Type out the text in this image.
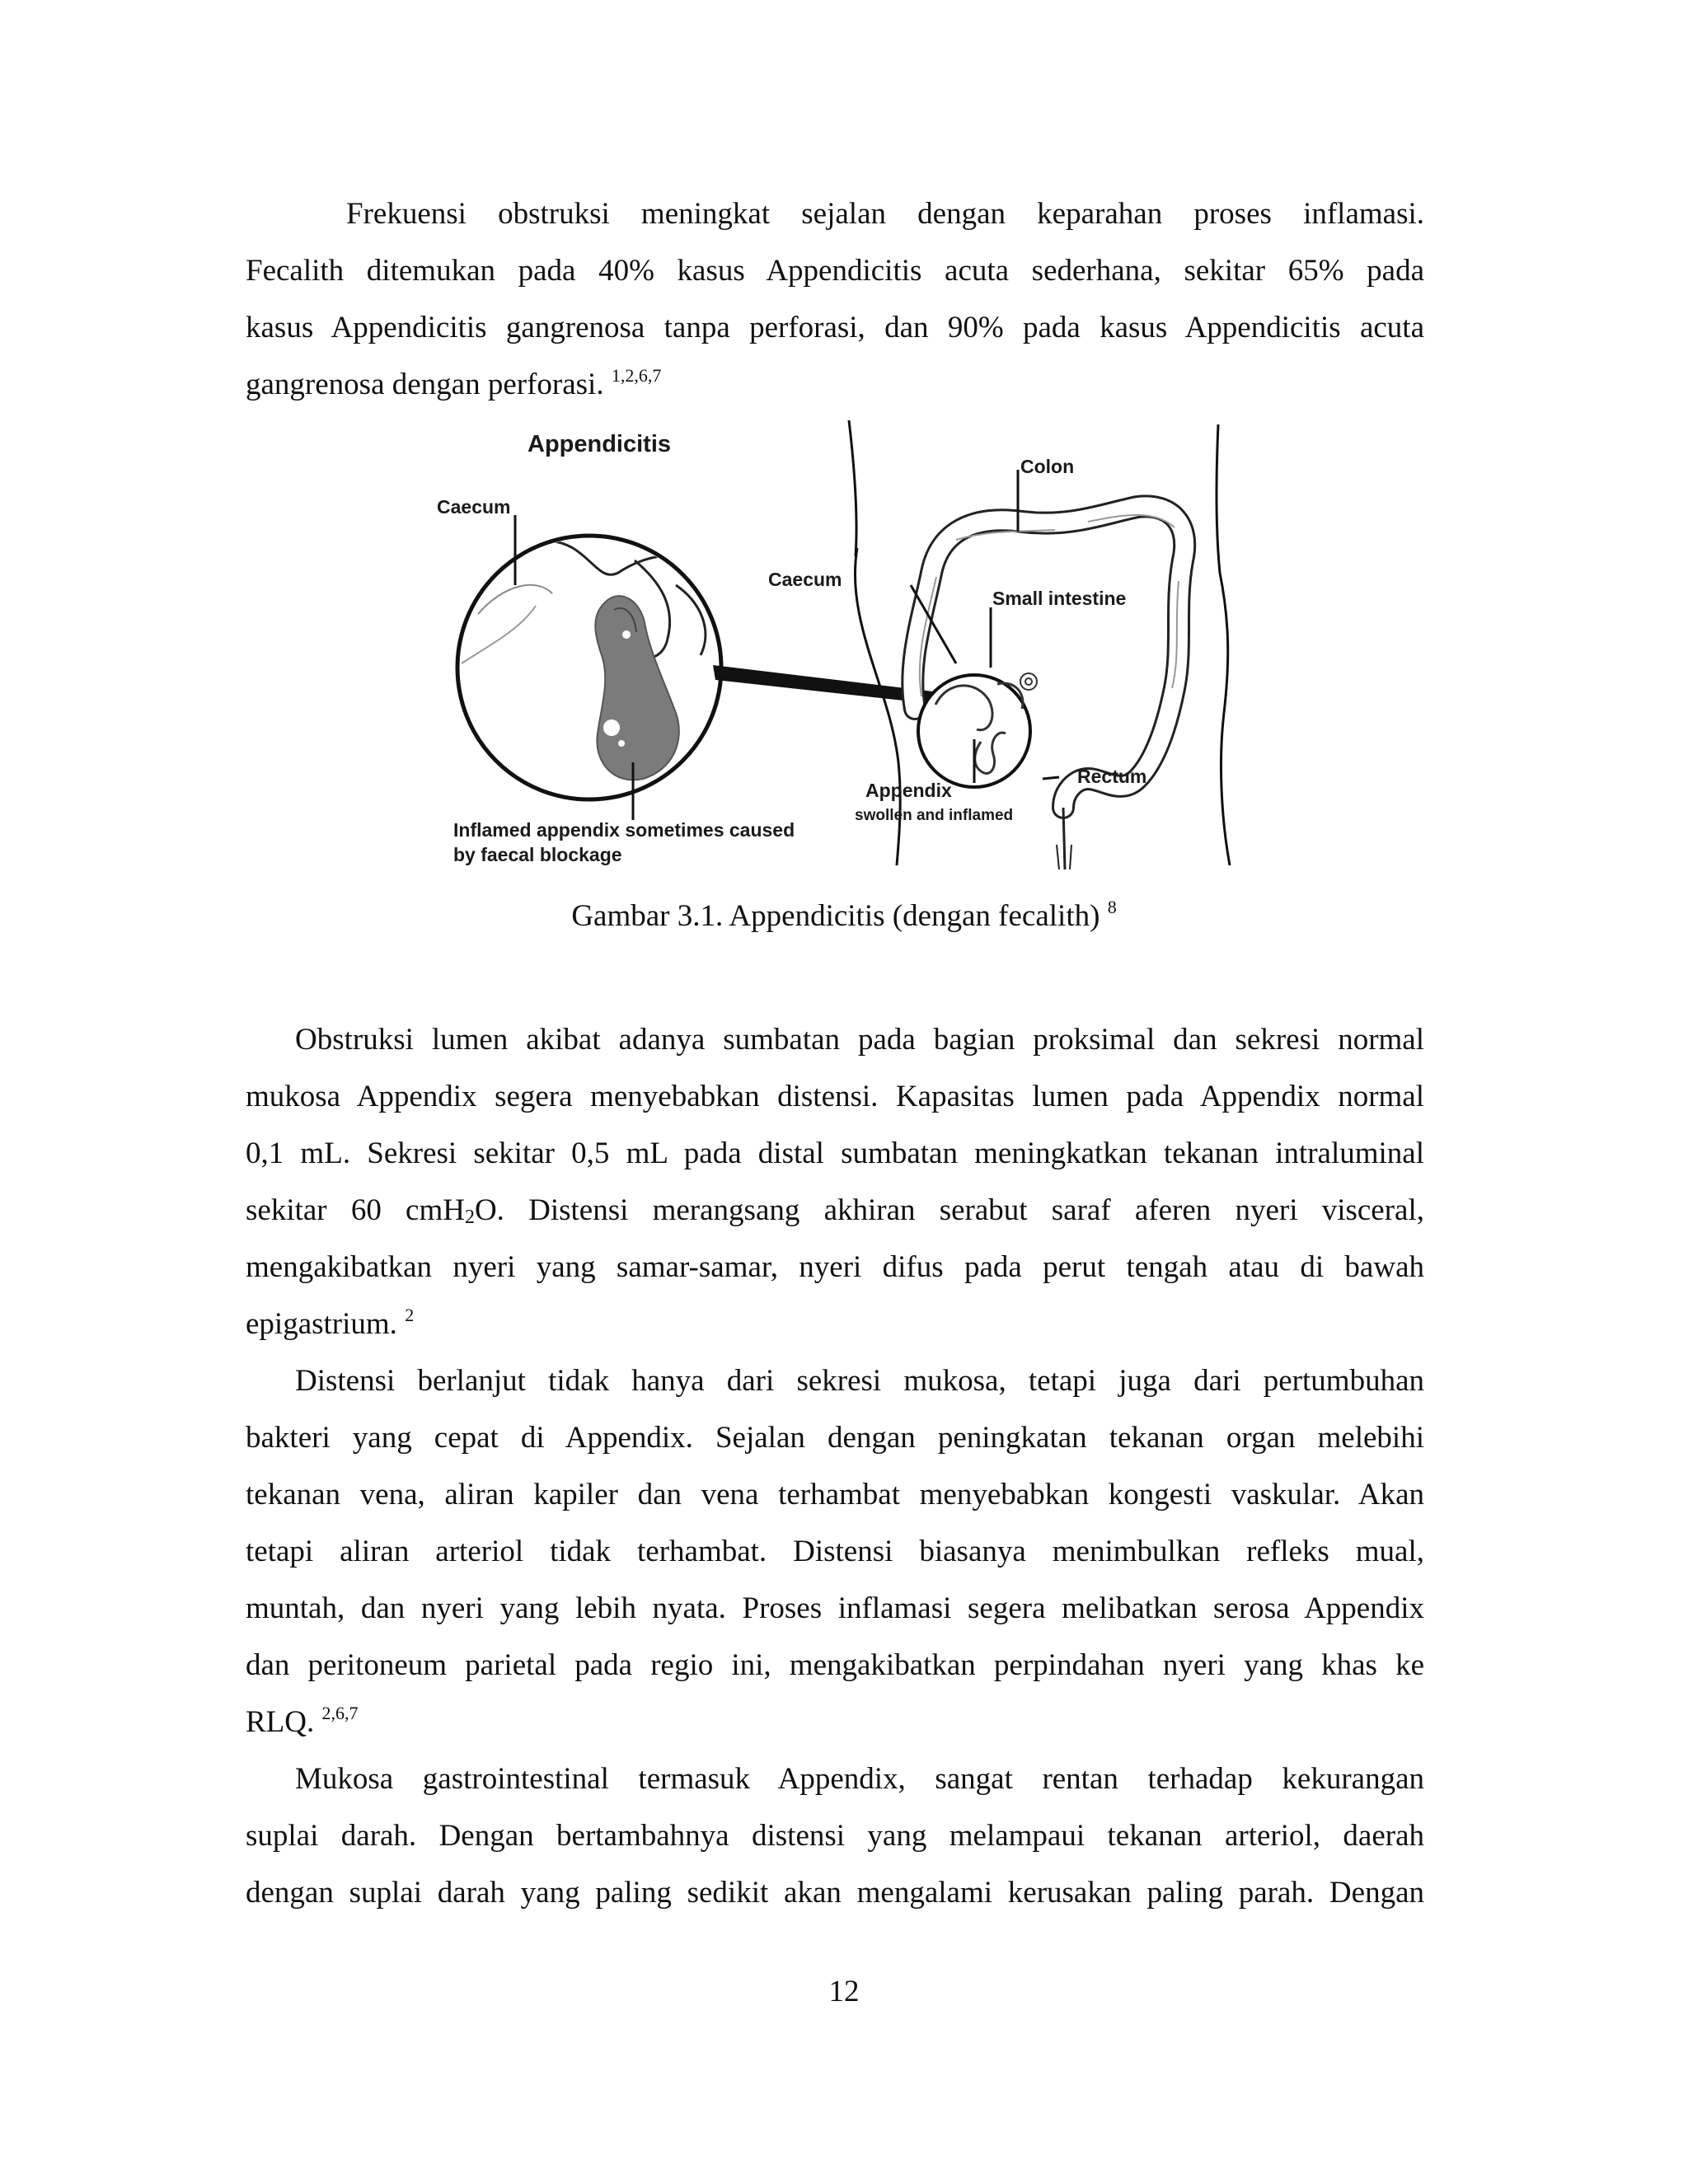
Frekuensi obstruksi meningkat sejalan dengan keparahan proses inflamasi.
Fecalith ditemukan pada 40% kasus Appendicitis acuta sederhana, sekitar 65% pada
kasus Appendicitis gangrenosa tanpa perforasi, dan 90% pada kasus Appendicitis acuta
gangrenosa dengan perforasi. $^{1,2,6,7}$
Appendicitis
Caecum
Colon
Caecum
Small intestine
Rectum
Appendix
swollen and inflamed
Inflamed appendix sometimes caused
by faecal blockage
Gambar 3.1. Appendicitis (dengan fecalith) $^8$
Obstruksi lumen akibat adanya sumbatan pada bagian proksimal dan sekresi normal
mukosa Appendix segera menyebabkan distensi. Kapasitas lumen pada Appendix normal
0,1 mL. Sekresi sekitar 0,5 mL pada distal sumbatan meningkatkan tekanan intraluminal
sekitar 60 cmH$_2$O. Distensi merangsang akhiran serabut saraf aferen nyeri visceral,
mengakibatkan nyeri yang samar-samar, nyeri difus pada perut tengah atau di bawah
epigastrium. $^2$
Distensi berlanjut tidak hanya dari sekresi mukosa, tetapi juga dari pertumbuhan
bakteri yang cepat di Appendix. Sejalan dengan peningkatan tekanan organ melebihi
tekanan vena, aliran kapiler dan vena terhambat menyebabkan kongesti vaskular. Akan
tetapi aliran arteriol tidak terhambat. Distensi biasanya menimbulkan refleks mual,
muntah, dan nyeri yang lebih nyata. Proses inflamasi segera melibatkan serosa Appendix
dan peritoneum parietal pada regio ini, mengakibatkan perpindahan nyeri yang khas ke
RLQ. $^{2,6,7}$
Mukosa gastrointestinal termasuk Appendix, sangat rentan terhadap kekurangan
suplai darah. Dengan bertambahnya distensi yang melampaui tekanan arteriol, daerah
dengan suplai darah yang paling sedikit akan mengalami kerusakan paling parah. Dengan
12
